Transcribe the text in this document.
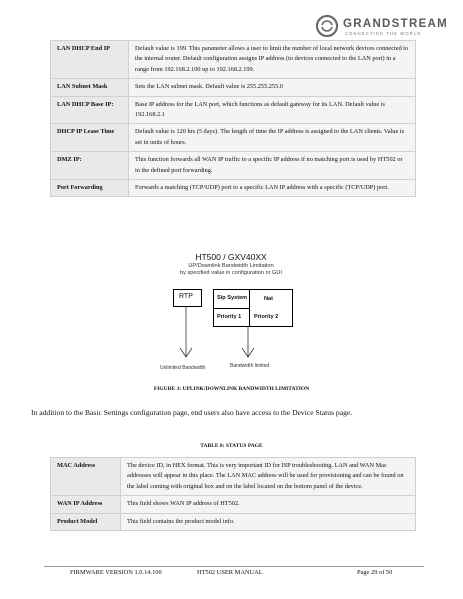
GRANDSTREAM
CONNECTING THE WORLD
LAN DHCP End IP	Default value is 199. This parameter allows a user to limit the number of local network devices connected to the internal router. Default configuration assigns IP address (to devices connected to the LAN port) in a range from 192.168.2.100 up to 192.168.2.199.
LAN Subnet Mask	Sets the LAN subnet mask. Default value is 255.255.255.0
LAN DHCP Base IP:	Base IP address for the LAN port, which functions as default gateway for its LAN. Default value is 192.168.2.1
DHCP IP Lease Time	Default value is 120 hrs (5 days). The length of time the IP address is assigned to the LAN clients. Value is set in units of hours.
DMZ IP:	This function forwards all WAN IP traffic to a specific IP address if no matching port is used by HT502 or in the defined port forwarding.
Port Forwarding	Forwards a matching (TCP/UDP) port to a specific LAN IP address with a specific (TCP/UDP) port.
HT500 / GXV40XX
UP/Downlink Bandwidth Limitation
by specified value in configuration or GUI
RTP	Sip System	Nat
Priority 1 Priority 2
Unlimited Bandwidth	Bandwidth limited
FIGURE 3: UPLINK/DOWNLINK BANDWIDTH LIMITATION
In addition to the Basic Settings configuration page, end users also have access to the Device Status page.
TABLE 8: STATUS PAGE
MAC Address	The device ID, in HEX format. This is very important ID for ISP troubleshooting. LAN and WAN Mac addresses will appear in this place. The LAN MAC address will be used for provisioning and can be found on the label coming with original box and on the label located on the bottom panel of the device.
WAN IP Address	This field shows WAN IP address of HT502.
Product Model	This field contains the product model info.
FIRMWARE VERSION 1.0.14.100	HT502 USER MANUAL	Page 29 of 50
